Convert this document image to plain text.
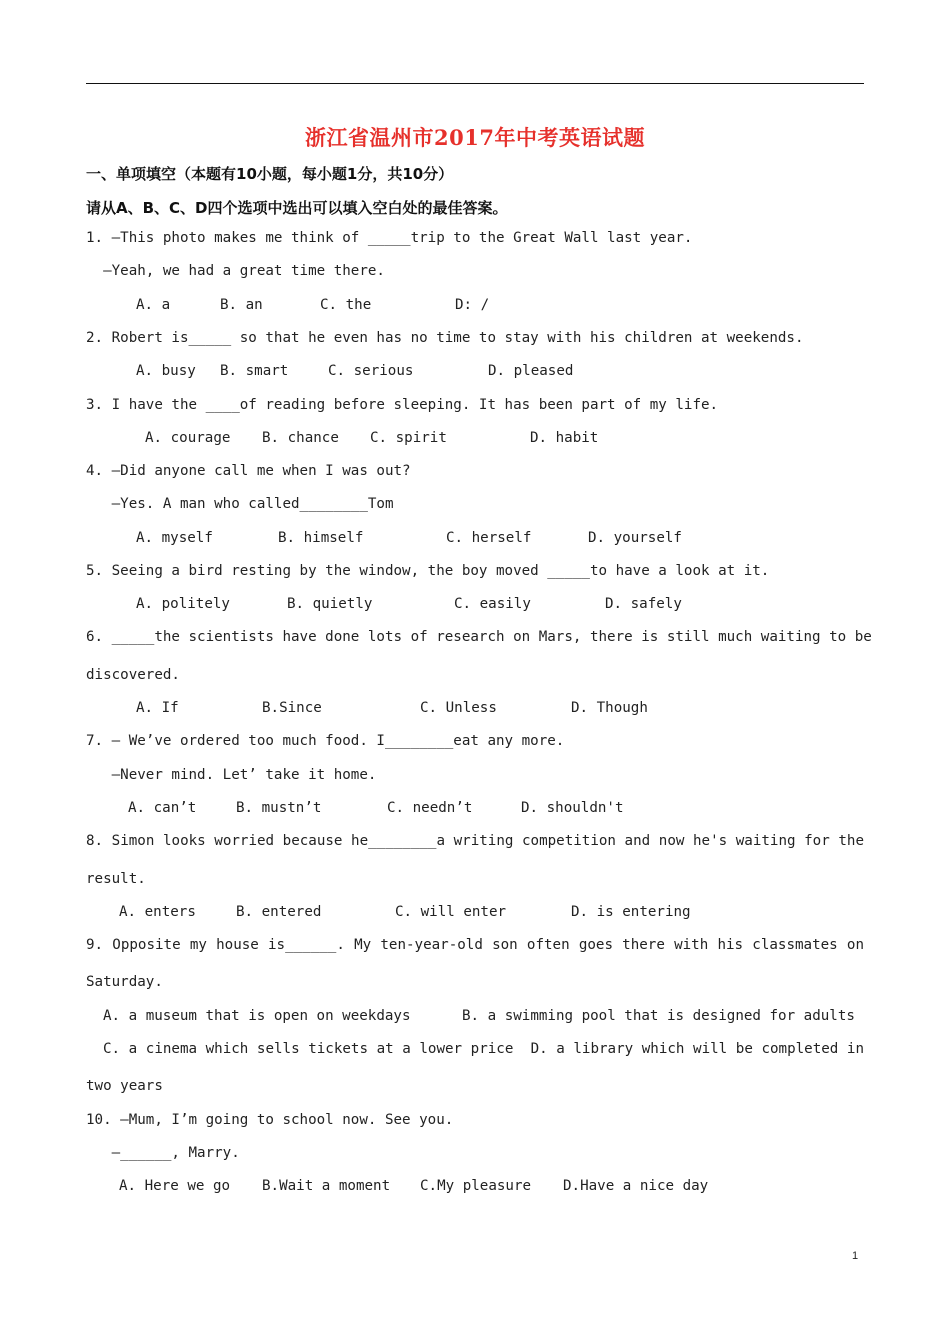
浙江省温州市2017年中考英语试题
一、单项填空（本题有10小题，每小题1分，共10分）
请从A、B、C、D四个选项中选出可以填入空白处的最佳答案。
1. —This photo makes me think of _____trip to the Great Wall last year.
—Yeah, we had a great time there.
A. a	B. an	C. the	D: /
2. Robert is_____ so that he even has no time to stay with his children at weekends.
A. busy B. smart	C. serious	D. pleased
3. I have the ____of reading before sleeping. It has been part of my life.
A. courage B. chance C. spirit	D. habit
4. —Did anyone call me when I was out?
—Yes. A man who called________Tom
A. myself	B. himself	C. herself	D. yourself
5. Seeing a bird resting by the window, the boy moved _____to have a look at it.
A. politely	B. quietly	C. easily	D. safely
6. _____the scientists have done lots of research on Mars, there is still much waiting to be
discovered.
A. If	B.Since	C. Unless	D. Though
7. — We’ve ordered too much food. I________eat any more.
—Never mind. Let’ take it home.
A. can’t	B. mustn’t	C. needn’t	D. shouldn't
8. Simon looks worried because he________a writing competition and now he's waiting for the
result.
A. enters	B. entered	C. will enter	D. is entering
9. Opposite my house is______. My ten-year-old son often goes there with his classmates on
Saturday.
A. a museum that is open on weekdays	B. a swimming pool that is designed for adults
C. a cinema which sells tickets at a lower price  D. a library which will be completed in
two years
10. —Mum, I’m going to school now. See you.
—______, Marry.
A. Here we go B.Wait a moment C.My pleasure D.Have a nice day
1
